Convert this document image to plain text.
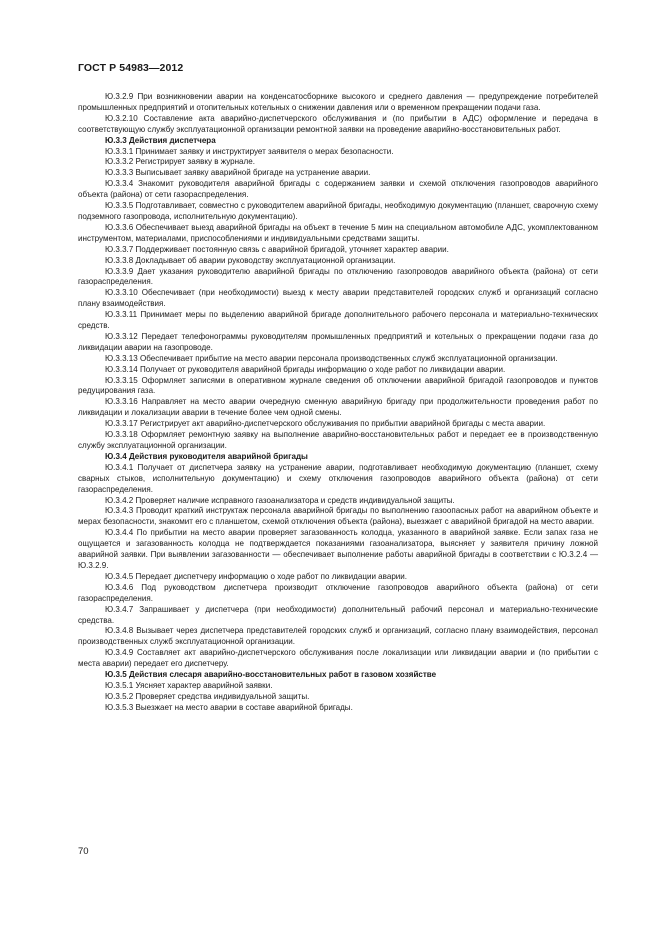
ГОСТ Р 54983—2012

Ю.3.2.9 При возникновении аварии на конденсатосборнике высокого и среднего давления — предупреждение потребителей промышленных предприятий и отопительных котельных о снижении давления или о временном прекращении подачи газа.

Ю.3.2.10 Составление акта аварийно-диспетчерского обслуживания и (по прибытии в АДС) оформление и передача в соответствующую службу эксплуатационной организации ремонтной заявки на проведение аварийно-восстановительных работ.

Ю.3.3 Действия диспетчера

Ю.3.3.1 Принимает заявку и инструктирует заявителя о мерах безопасности.

Ю.3.3.2 Регистрирует заявку в журнале.

Ю.3.3.3 Выписывает заявку аварийной бригаде на устранение аварии.

Ю.3.3.4 Знакомит руководителя аварийной бригады с содержанием заявки и схемой отключения газопроводов аварийного объекта (района) от сети газораспределения.

Ю.3.3.5 Подготавливает, совместно с руководителем аварийной бригады, необходимую документацию (планшет, сварочную схему подземного газопровода, исполнительную документацию).

Ю.3.3.6 Обеспечивает выезд аварийной бригады на объект в течение 5 мин на специальном автомобиле АДС, укомплектованном инструментом, материалами, приспособлениями и индивидуальными средствами защиты.

Ю.3.3.7 Поддерживает постоянную связь с аварийной бригадой, уточняет характер аварии.

Ю.3.3.8 Докладывает об аварии руководству эксплуатационной организации.

Ю.3.3.9 Дает указания руководителю аварийной бригады по отключению газопроводов аварийного объекта (района) от сети газораспределения.

Ю.3.3.10 Обеспечивает (при необходимости) выезд к месту аварии представителей городских служб и организаций согласно плану взаимодействия.

Ю.3.3.11 Принимает меры по выделению аварийной бригаде дополнительного рабочего персонала и материально-технических средств.

Ю.3.3.12 Передает телефонограммы руководителям промышленных предприятий и котельных о прекращении подачи газа до ликвидации аварии на газопроводе.

Ю.3.3.13 Обеспечивает прибытие на место аварии персонала производственных служб эксплуатационной организации.

Ю.3.3.14 Получает от руководителя аварийной бригады информацию о ходе работ по ликвидации аварии.

Ю.3.3.15 Оформляет записями в оперативном журнале сведения об отключении аварийной бригадой газопроводов и пунктов редуцирования газа.

Ю.3.3.16 Направляет на место аварии очередную сменную аварийную бригаду при продолжительности проведения работ по ликвидации и локализации аварии в течение более чем одной смены.

Ю.3.3.17 Регистрирует акт аварийно-диспетчерского обслуживания по прибытии аварийной бригады с места аварии.

Ю.3.3.18 Оформляет ремонтную заявку на выполнение аварийно-восстановительных работ и передает ее в производственную службу эксплуатационной организации.

Ю.3.4 Действия руководителя аварийной бригады

Ю.3.4.1 Получает от диспетчера заявку на устранение аварии, подготавливает необходимую документацию (планшет, схему сварных стыков, исполнительную документацию) и схему отключения газопроводов аварийного объекта (района) от сети газораспределения.

Ю.3.4.2 Проверяет наличие исправного газоанализатора и средств индивидуальной защиты.

Ю.3.4.3 Проводит краткий инструктаж персонала аварийной бригады по выполнению газоопасных работ на аварийном объекте и мерах безопасности, знакомит его с планшетом, схемой отключения объекта (района), выезжает с аварийной бригадой на место аварии.

Ю.3.4.4 По прибытии на место аварии проверяет загазованность колодца, указанного в аварийной заявке. Если запах газа не ощущается и загазованность колодца не подтверждается показаниями газоанализатора, выясняет у заявителя причину ложной аварийной заявки. При выявлении загазованности — обеспечивает выполнение работы аварийной бригады в соответствии с Ю.3.2.4 — Ю.3.2.9.

Ю.3.4.5 Передает диспетчеру информацию о ходе работ по ликвидации аварии.

Ю.3.4.6 Под руководством диспетчера производит отключение газопроводов аварийного объекта (района) от сети газораспределения.

Ю.3.4.7 Запрашивает у диспетчера (при необходимости) дополнительный рабочий персонал и материально-технические средства.

Ю.3.4.8 Вызывает через диспетчера представителей городских служб и организаций, согласно плану взаимодействия, персонал производственных служб эксплуатационной организации.

Ю.3.4.9 Составляет акт аварийно-диспетчерского обслуживания после локализации или ликвидации аварии и (по прибытии с места аварии) передает его диспетчеру.

Ю.3.5 Действия слесаря аварийно-восстановительных работ в газовом хозяйстве

Ю.3.5.1 Уясняет характер аварийной заявки.

Ю.3.5.2 Проверяет средства индивидуальной защиты.

Ю.3.5.3 Выезжает на место аварии в составе аварийной бригады.

70
